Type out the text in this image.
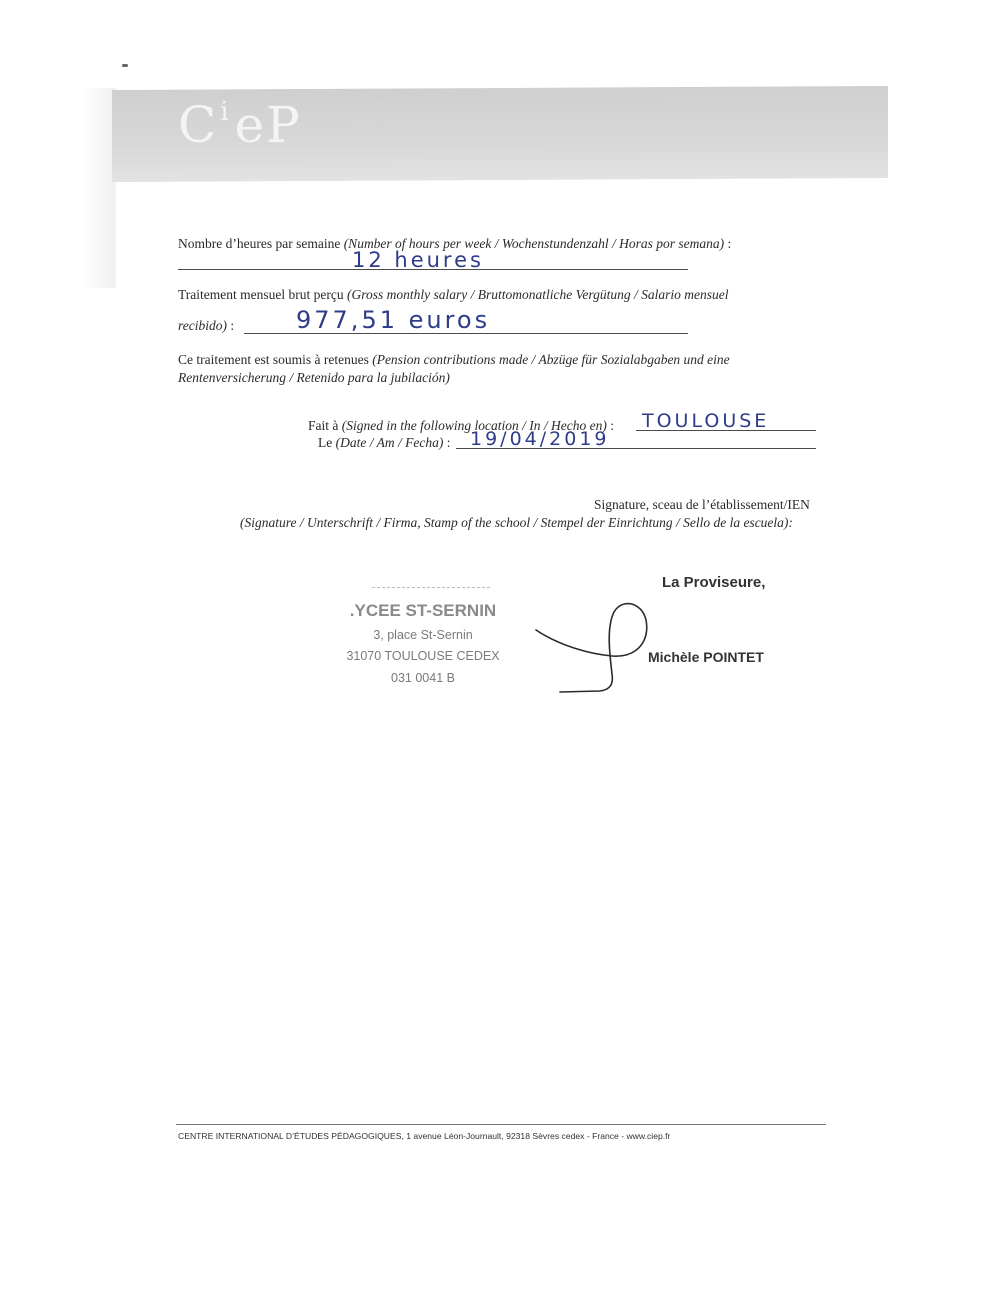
$C^ieP$
Nombre d’heures par semaine (Number of hours per week / Wochenstundenzahl / Horas por semana) :
12 heures
Traitement mensuel brut perçu (Gross monthly salary / Bruttomonatliche Vergütung / Salario mensuel
recibido) :	977,51 euros
Ce traitement est soumis à retenues (Pension contributions made / Abzüge für Sozialabgaben und eine
Rentenversicherung / Retenido para la jubilación)
Fait à (Signed in the following location / In / Hecho en) : TOULOUSE
Le (Date / Am / Fecha) : 19/04/2019
Signature, sceau de l’établissement/IEN
(Signature / Unterschrift / Firma, Stamp of the school / Stempel der Einrichtung / Sello de la escuela):
.YCEE ST-SERNIN
3, place St-Sernin
31070 TOULOUSE CEDEX
031 0041 B
La Proviseure,
Michèle POINTET
CENTRE INTERNATIONAL D’ÉTUDES PÉDAGOGIQUES, 1 avenue Léon-Journault, 92318 Sèvres cedex - France - www.ciep.fr
